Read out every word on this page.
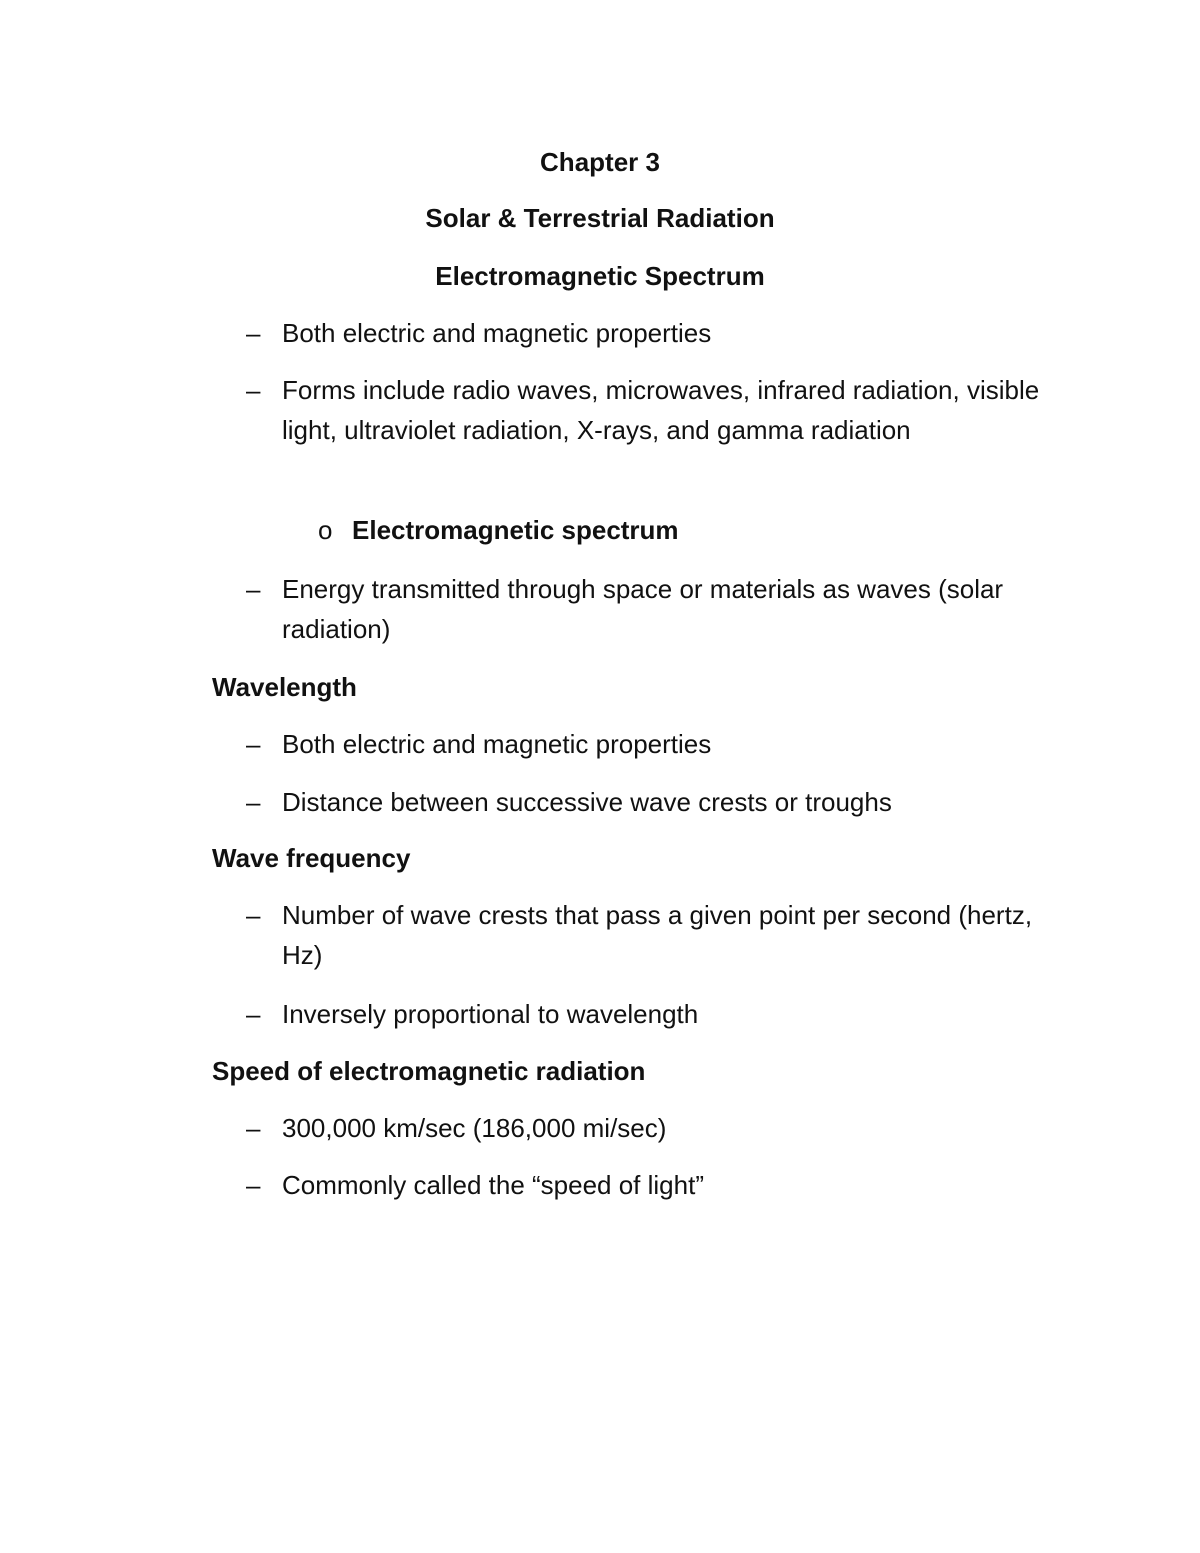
Chapter 3
Solar & Terrestrial Radiation
Electromagnetic Spectrum
– Both electric and magnetic properties
– Forms include radio waves, microwaves, infrared radiation, visible light, ultraviolet radiation, X-rays, and gamma radiation
o Electromagnetic spectrum
– Energy transmitted through space or materials as waves (solar radiation)
Wavelength
– Both electric and magnetic properties
– Distance between successive wave crests or troughs
Wave frequency
– Number of wave crests that pass a given point per second (hertz, Hz)
– Inversely proportional to wavelength
Speed of electromagnetic radiation
– 300,000 km/sec (186,000 mi/sec)
– Commonly called the “speed of light”
